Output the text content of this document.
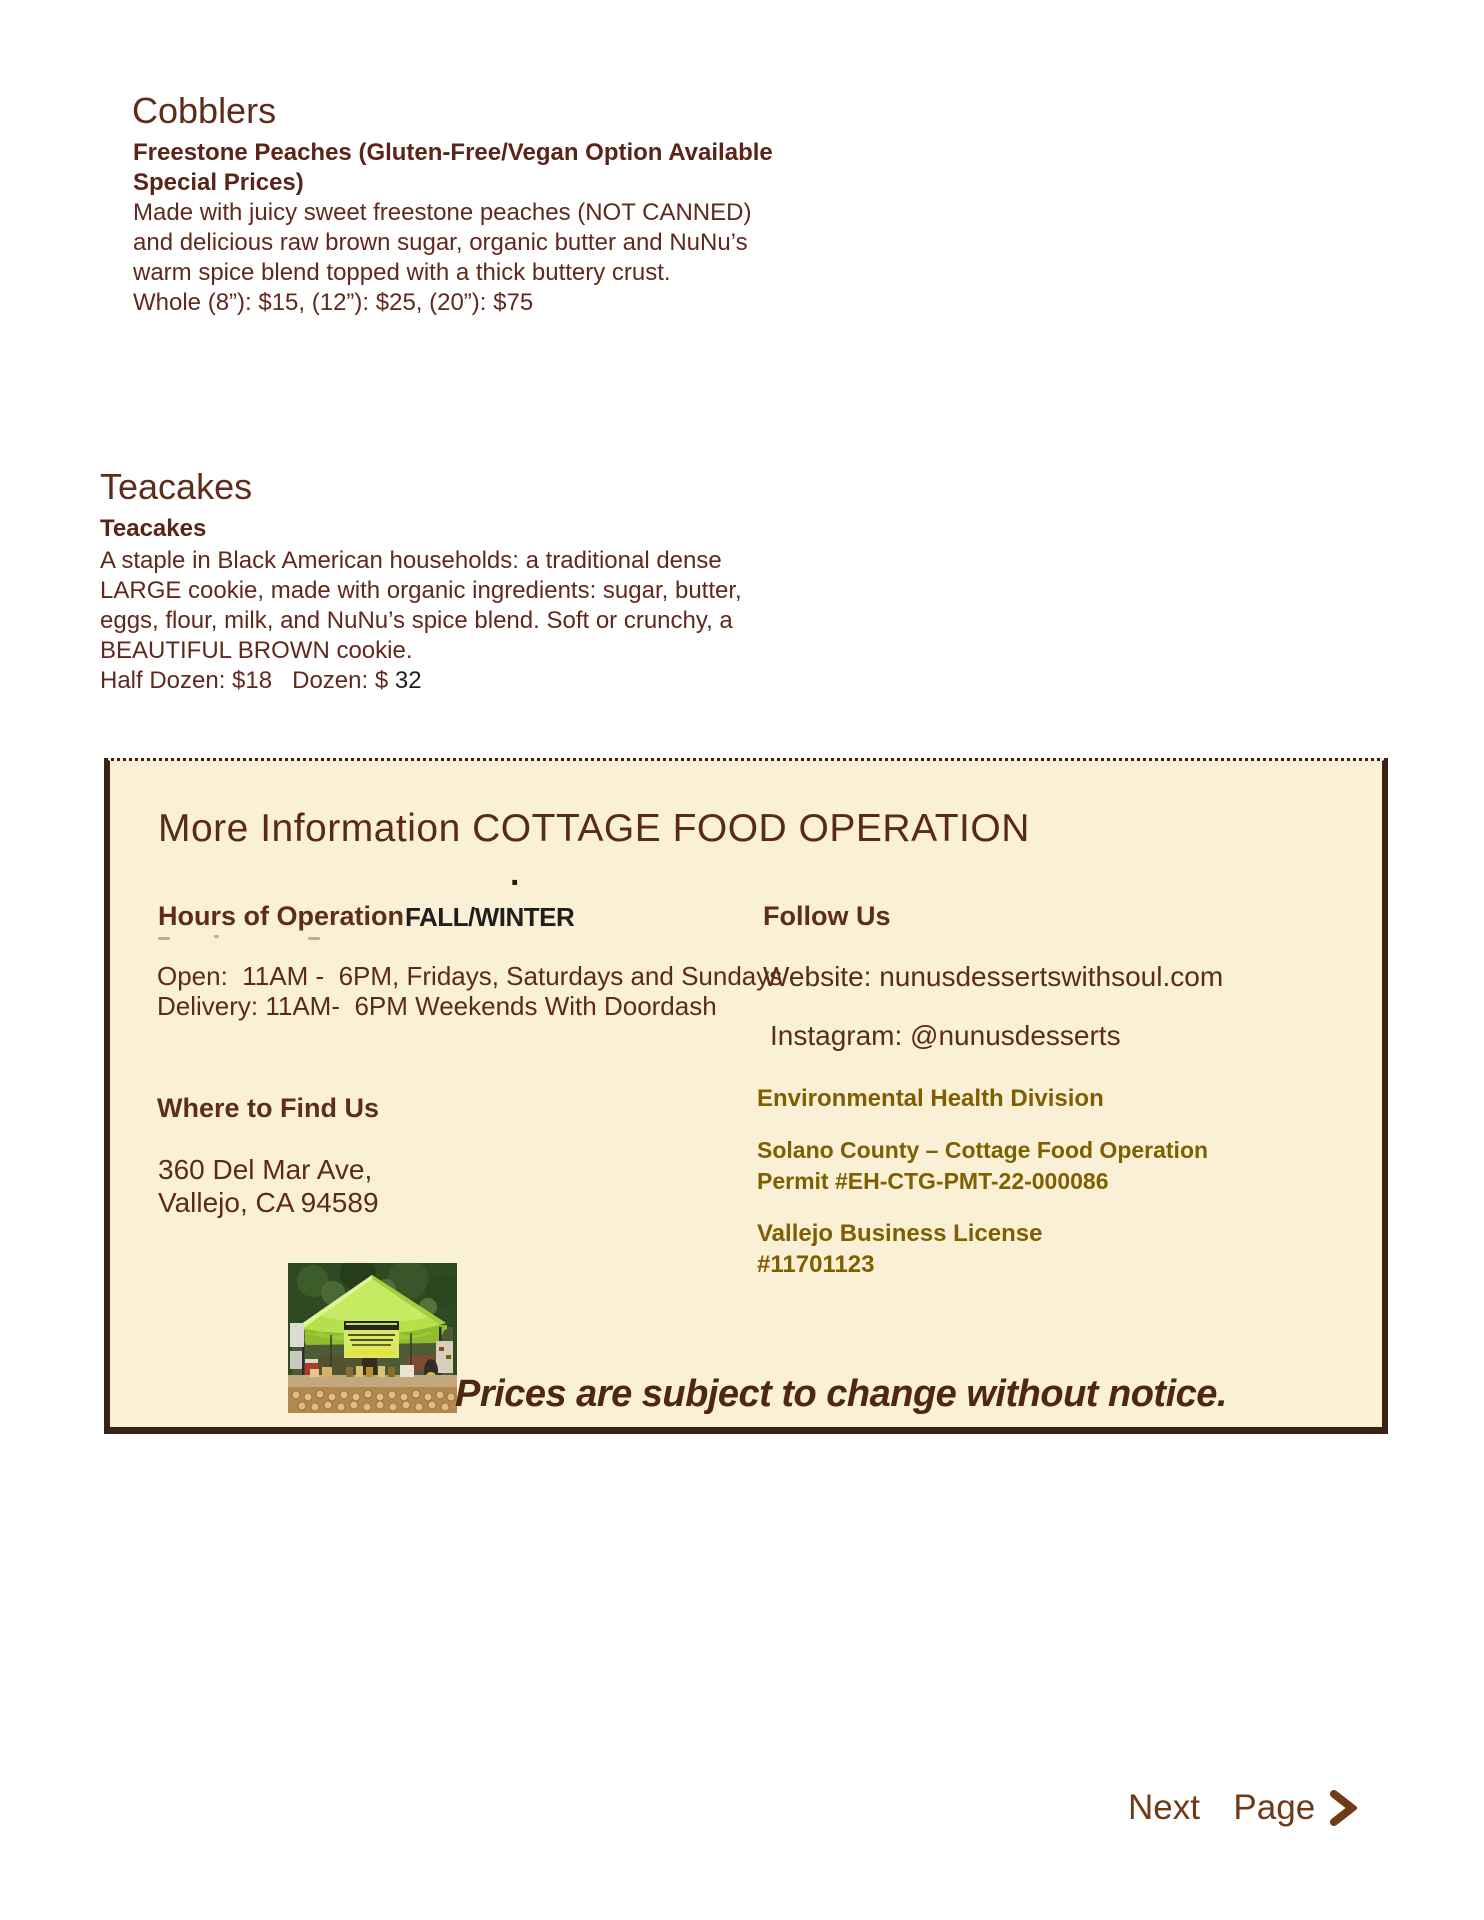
Cobblers
Freestone Peaches (Gluten-Free/Vegan Option Available
Special Prices)
Made with juicy sweet freestone peaches (NOT CANNED)
and delicious raw brown sugar, organic butter and NuNu’s
warm spice blend topped with a thick buttery crust.
Whole (8”): $15, (12”): $25, (20”): $75
Teacakes
Teacakes
A staple in Black American households: a traditional dense
LARGE cookie, made with organic ingredients: sugar, butter,
eggs, flour, milk, and NuNu’s spice blend. Soft or crunchy, a
BEAUTIFUL BROWN cookie.
Half Dozen: $18   Dozen: $ 32
More Information COTTAGE FOOD OPERATION
.
Hours of Operation FALL/WINTER
Open:  11AM -  6PM, Fridays, Saturdays and Sundays
Delivery: 11AM-  6PM Weekends With Doordash
Where to Find Us
360 Del Mar Ave,
Vallejo, CA 94589
Follow Us
Website: nunusdessertswithsoul.com
Instagram: @nunusdesserts
Environmental Health Division
Solano County – Cottage Food Operation
Permit #EH-CTG-PMT-22-000086
Vallejo Business License
#11701123
Prices are subject to change without notice.
Next Page
